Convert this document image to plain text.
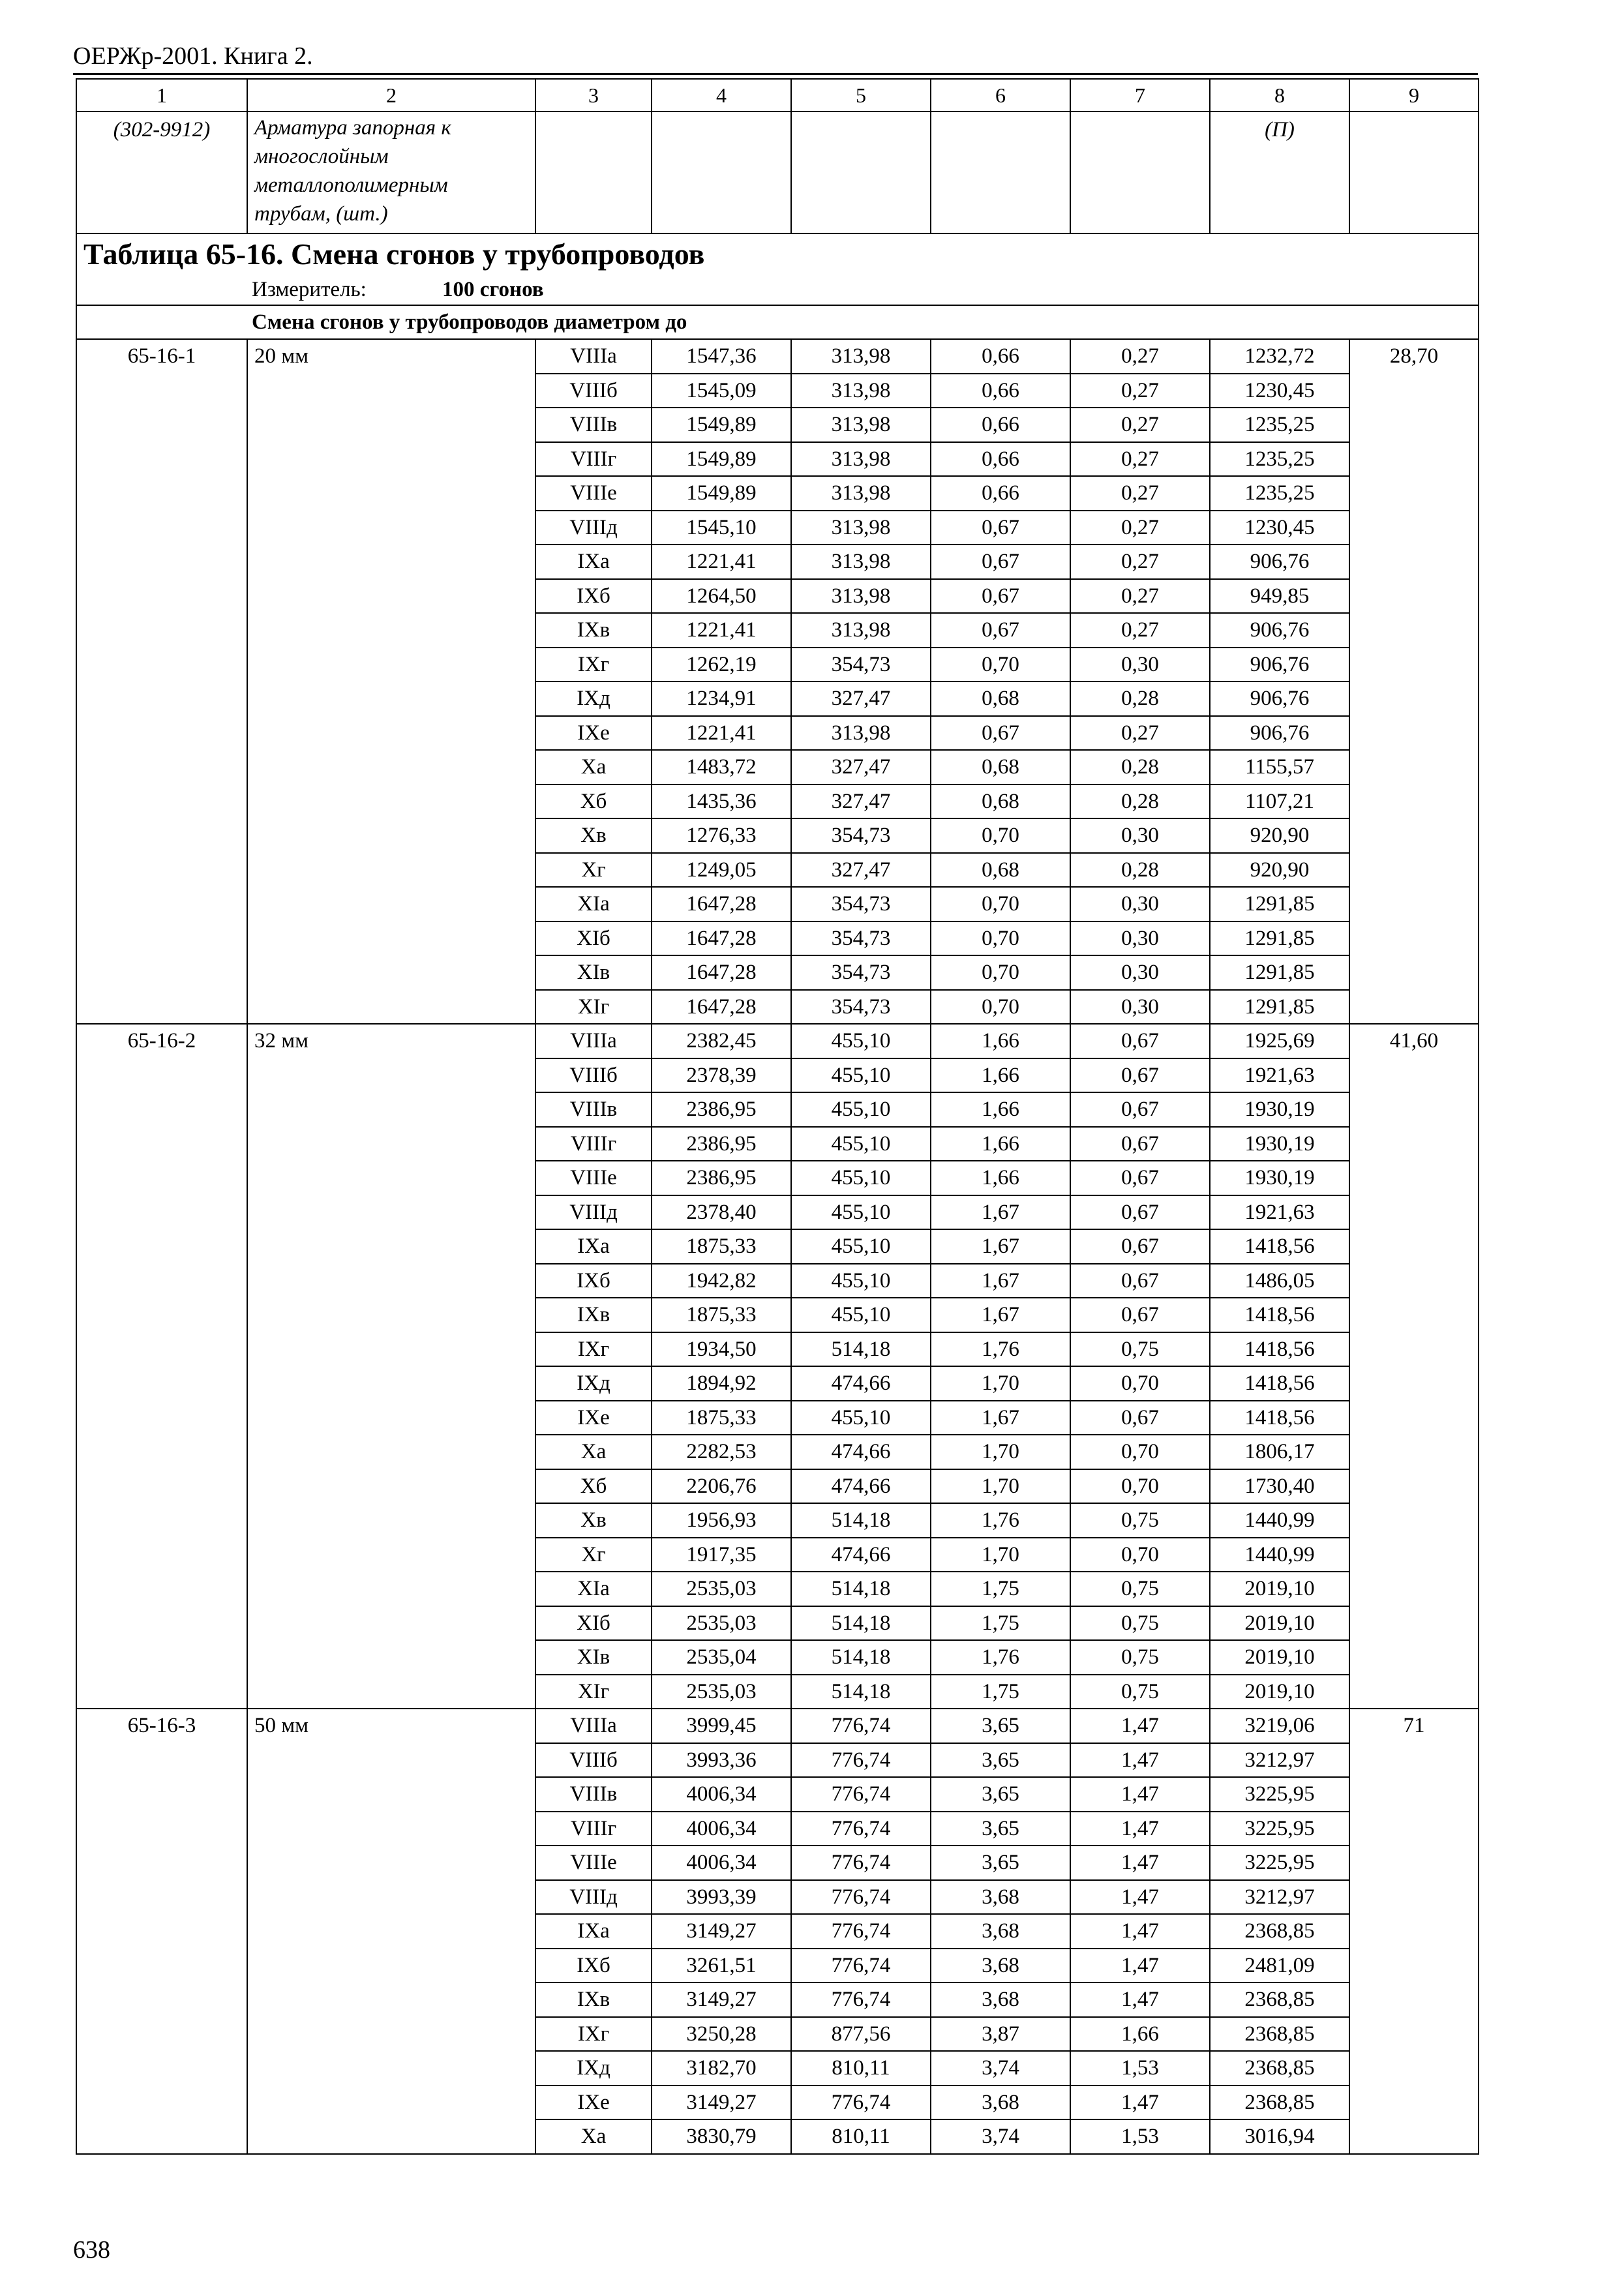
ОЕРЖр-2001. Книга 2.
1	2	3	4	5	6	7	8	9
(302-9912)	Арматура запорная к многослойным металлополимерным трубам, (шт.)						(П)	
Таблица 65-16. Смена сгонов у трубопроводов								
Измеритель: 100 сгонов								
Смена сгонов у трубопроводов диаметром до								
65-16-1	20 мм	VIIIа	1547,36	313,98	0,66	0,27	1232,72	28,70
		VIIIб	1545,09	313,98	0,66	0,27	1230,45	
		VIIIв	1549,89	313,98	0,66	0,27	1235,25	
		VIIIг	1549,89	313,98	0,66	0,27	1235,25	
		VIIIе	1549,89	313,98	0,66	0,27	1235,25	
		VIIIд	1545,10	313,98	0,67	0,27	1230,45	
		IXа	1221,41	313,98	0,67	0,27	906,76	
		IXб	1264,50	313,98	0,67	0,27	949,85	
		IXв	1221,41	313,98	0,67	0,27	906,76	
		IXг	1262,19	354,73	0,70	0,30	906,76	
		IXд	1234,91	327,47	0,68	0,28	906,76	
		IXе	1221,41	313,98	0,67	0,27	906,76	
		Xа	1483,72	327,47	0,68	0,28	1155,57	
		Xб	1435,36	327,47	0,68	0,28	1107,21	
		Xв	1276,33	354,73	0,70	0,30	920,90	
		Xг	1249,05	327,47	0,68	0,28	920,90	
		XIа	1647,28	354,73	0,70	0,30	1291,85	
		XIб	1647,28	354,73	0,70	0,30	1291,85	
		XIв	1647,28	354,73	0,70	0,30	1291,85	
		XIг	1647,28	354,73	0,70	0,30	1291,85	
65-16-2	32 мм	VIIIа	2382,45	455,10	1,66	0,67	1925,69	41,60
		VIIIб	2378,39	455,10	1,66	0,67	1921,63	
		VIIIв	2386,95	455,10	1,66	0,67	1930,19	
		VIIIг	2386,95	455,10	1,66	0,67	1930,19	
		VIIIе	2386,95	455,10	1,66	0,67	1930,19	
		VIIIд	2378,40	455,10	1,67	0,67	1921,63	
		IXа	1875,33	455,10	1,67	0,67	1418,56	
		IXб	1942,82	455,10	1,67	0,67	1486,05	
		IXв	1875,33	455,10	1,67	0,67	1418,56	
		IXг	1934,50	514,18	1,76	0,75	1418,56	
		IXд	1894,92	474,66	1,70	0,70	1418,56	
		IXе	1875,33	455,10	1,67	0,67	1418,56	
		Xа	2282,53	474,66	1,70	0,70	1806,17	
		Xб	2206,76	474,66	1,70	0,70	1730,40	
		Xв	1956,93	514,18	1,76	0,75	1440,99	
		Xг	1917,35	474,66	1,70	0,70	1440,99	
		XIа	2535,03	514,18	1,75	0,75	2019,10	
		XIб	2535,03	514,18	1,75	0,75	2019,10	
		XIв	2535,04	514,18	1,76	0,75	2019,10	
		XIг	2535,03	514,18	1,75	0,75	2019,10	
65-16-3	50 мм	VIIIа	3999,45	776,74	3,65	1,47	3219,06	71
		VIIIб	3993,36	776,74	3,65	1,47	3212,97	
		VIIIв	4006,34	776,74	3,65	1,47	3225,95	
		VIIIг	4006,34	776,74	3,65	1,47	3225,95	
		VIIIе	4006,34	776,74	3,65	1,47	3225,95	
		VIIIд	3993,39	776,74	3,68	1,47	3212,97	
		IXа	3149,27	776,74	3,68	1,47	2368,85	
		IXб	3261,51	776,74	3,68	1,47	2481,09	
		IXв	3149,27	776,74	3,68	1,47	2368,85	
		IXг	3250,28	877,56	3,87	1,66	2368,85	
		IXд	3182,70	810,11	3,74	1,53	2368,85	
		IXе	3149,27	776,74	3,68	1,47	2368,85	
		Xа	3830,79	810,11	3,74	1,53	3016,94	
638
